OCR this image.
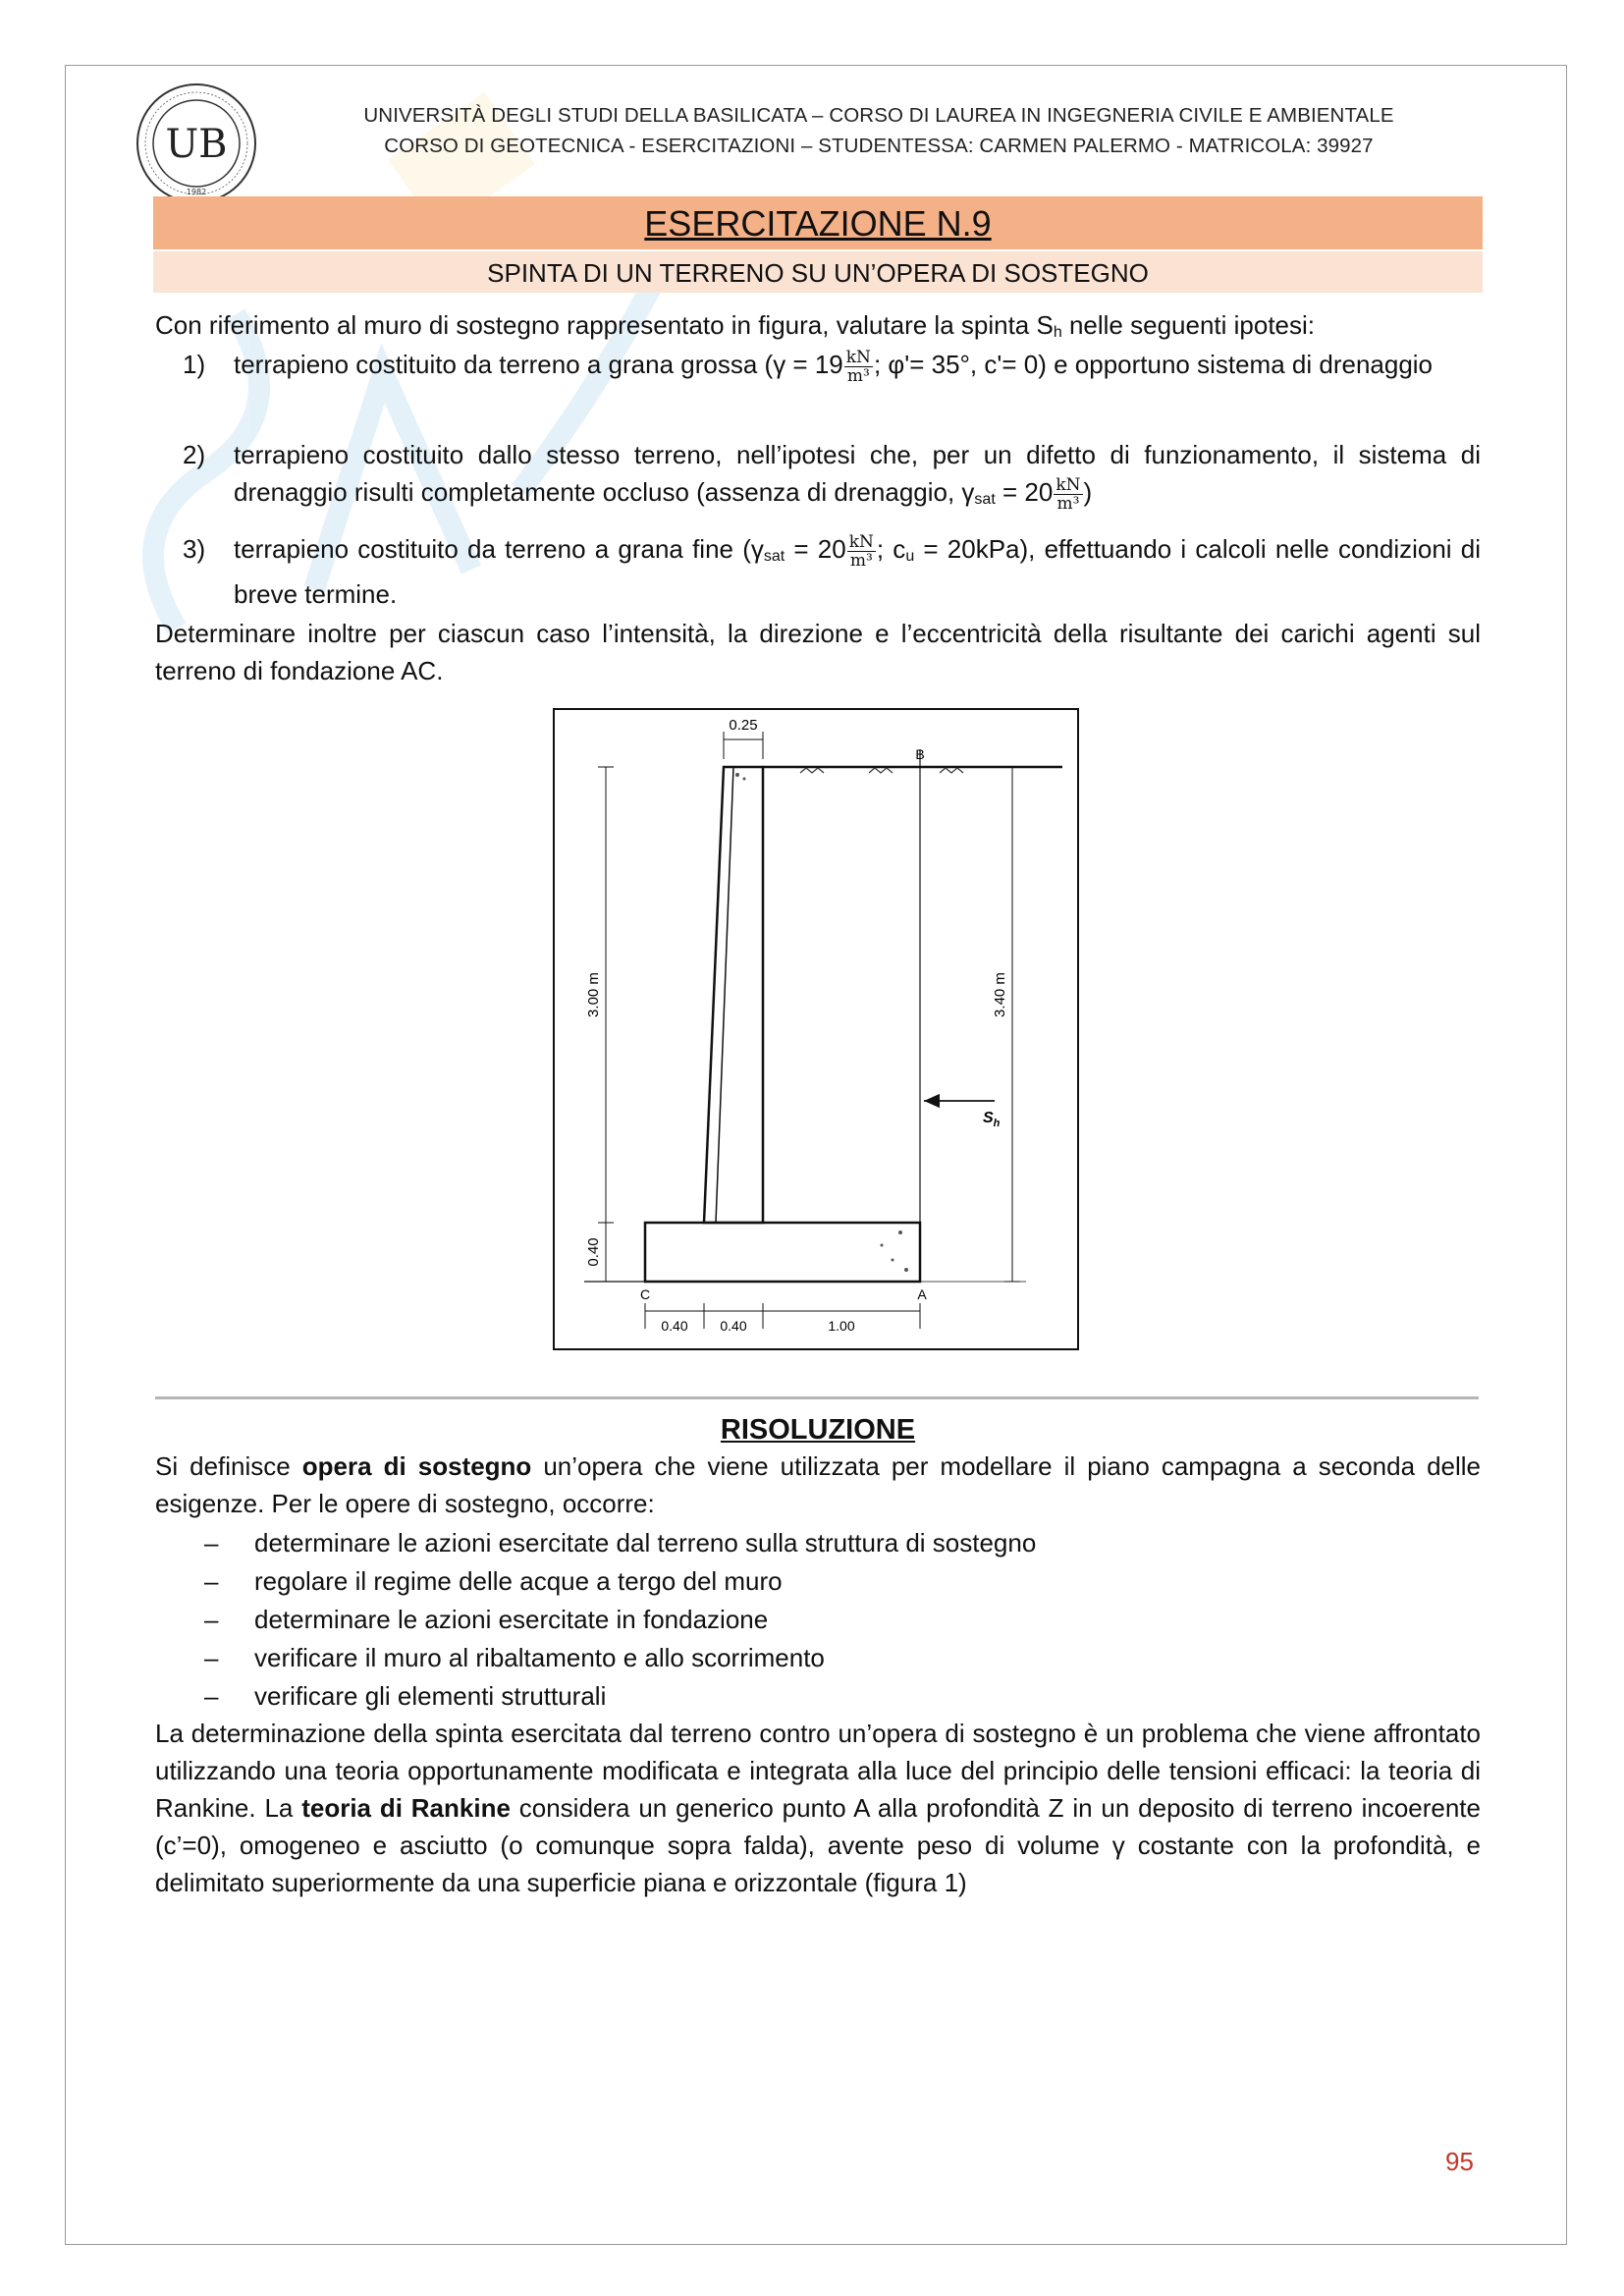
UB
1982
UNIVERSITÀ DEGLI STUDI DELLA BASILICATA – CORSO DI LAUREA IN INGEGNERIA CIVILE E AMBIENTALE
CORSO DI GEOTECNICA - ESERCITAZIONI – STUDENTESSA: CARMEN PALERMO - MATRICOLA: 39927
ESERCITAZIONE N.9
SPINTA DI UN TERRENO SU UN’OPERA DI SOSTEGNO
Con riferimento al muro di sostegno rappresentato in figura, valutare la spinta Sh nelle seguenti ipotesi:
1) terrapieno costituito da terreno a grana grossa ($\gamma = 19 \frac{kN}{\text{m³}}$ ; φ'= 35°, c'= 0) e opportuno sistema di drenaggio
2) terrapieno costituito dallo stesso terreno, nell’ipotesi che, per un difetto di funzionamento, il sistema di drenaggio risulti completamente occluso (assenza di drenaggio, $\gamma sat = 20 \frac{kN}{\text{m³}}$ )
3) terrapieno costituito da terreno a grana fine ($\gamma sat = 20 \frac{kN}{\text{m³}}$ ; cu = 20kPa), effettuando i calcoli nelle condizioni di breve termine.
Determinare inoltre per ciascun caso l’intensità, la direzione e l’eccentricità della risultante dei carichi agenti sul terreno di fondazione AC.
0.25
3.00 m
0.40
B
3.40 m
$S_h$
C	A
0.40 0.40	1.00
RISOLUZIONE
Si definisce opera di sostegno un’opera che viene utilizzata per modellare il piano campagna a seconda delle esigenze. Per le opere di sostegno, occorre:
– determinare le azioni esercitate dal terreno sulla struttura di sostegno
– regolare il regime delle acque a tergo del muro
– determinare le azioni esercitate in fondazione
– verificare il muro al ribaltamento e allo scorrimento
– verificare gli elementi strutturali
La determinazione della spinta esercitata dal terreno contro un’opera di sostegno è un problema che viene affrontato utilizzando una teoria opportunamente modificata e integrata alla luce del principio delle tensioni efficaci: la teoria di Rankine. La teoria di Rankine considera un generico punto A alla profondità Z in un deposito di terreno incoerente (c’=0), omogeneo e asciutto (o comunque sopra falda), avente peso di volume γ costante con la profondità, e delimitato superiormente da una superficie piana e orizzontale (figura 1)
95
